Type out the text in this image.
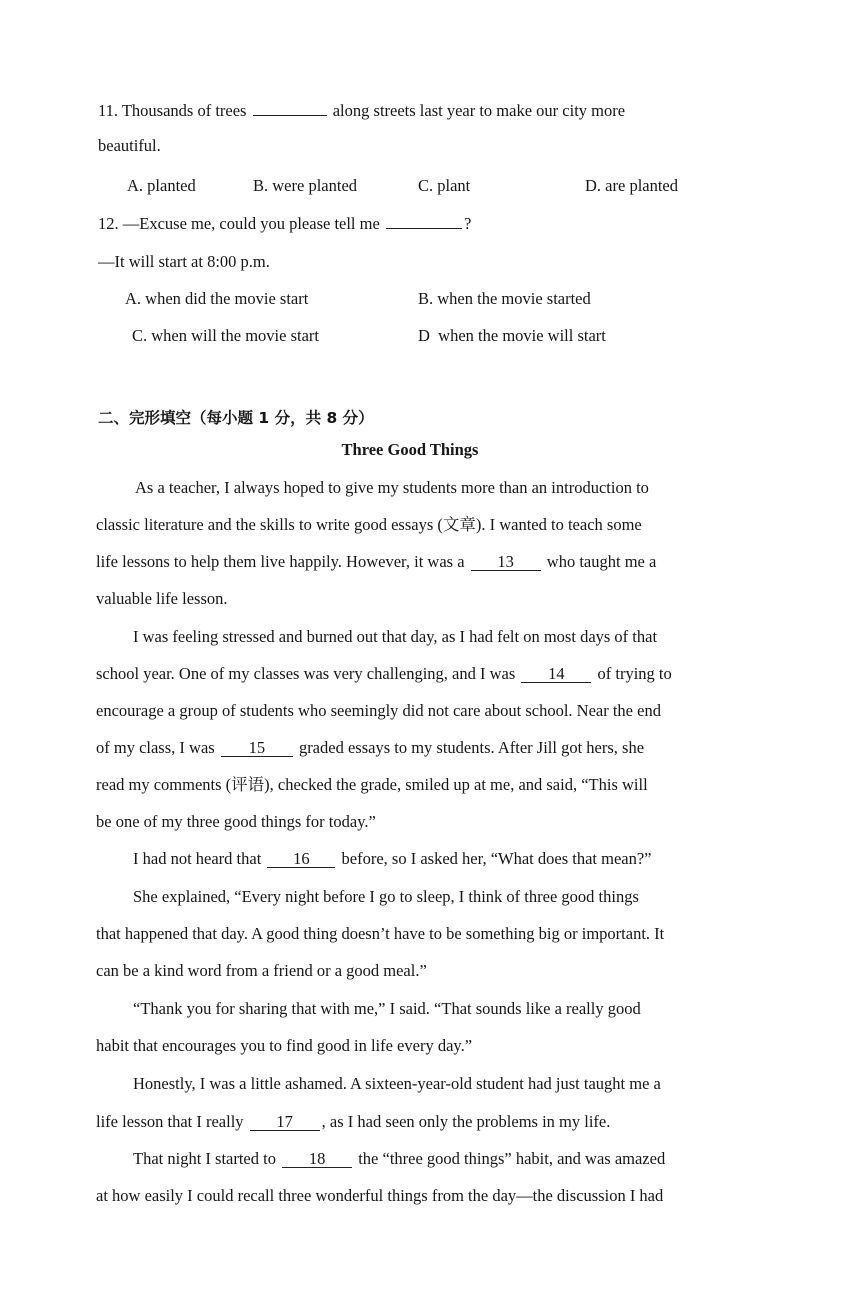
11. Thousands of trees	along streets last year to make our city more
beautiful.
A. planted	B. were planted	C. plant	D. are planted
12. —Excuse me, could you please tell me	?
—It will start at 8:00 p.m.
A. when did the movie start	B. when the movie started
C. when will the movie start	D when the movie will start
二、完形填空（每小题 1 分，共 8 分）
Three Good Things
As a teacher, I always hoped to give my students more than an introduction to
classic literature and the skills to write good essays (文章). I wanted to teach some
life lessons to help them live happily. However, it was a 13 who taught me a
valuable life lesson.
I was feeling stressed and burned out that day, as I had felt on most days of that
school year. One of my classes was very challenging, and I was 14 of trying to
encourage a group of students who seemingly did not care about school. Near the end
of my class, I was 15 graded essays to my students. After Jill got hers, she
read my comments (评语), checked the grade, smiled up at me, and said, “This will
be one of my three good things for today.”
I had not heard that 16 before, so I asked her, “What does that mean?”
She explained, “Every night before I go to sleep, I think of three good things
that happened that day. A good thing doesn’t have to be something big or important. It
can be a kind word from a friend or a good meal.”
“Thank you for sharing that with me,” I said. “That sounds like a really good
habit that encourages you to find good in life every day.”
Honestly, I was a little ashamed. A sixteen-year-old student had just taught me a
life lesson that I really 17 , as I had seen only the problems in my life.
That night I started to 18 the “three good things” habit, and was amazed
at how easily I could recall three wonderful things from the day—the discussion I had
